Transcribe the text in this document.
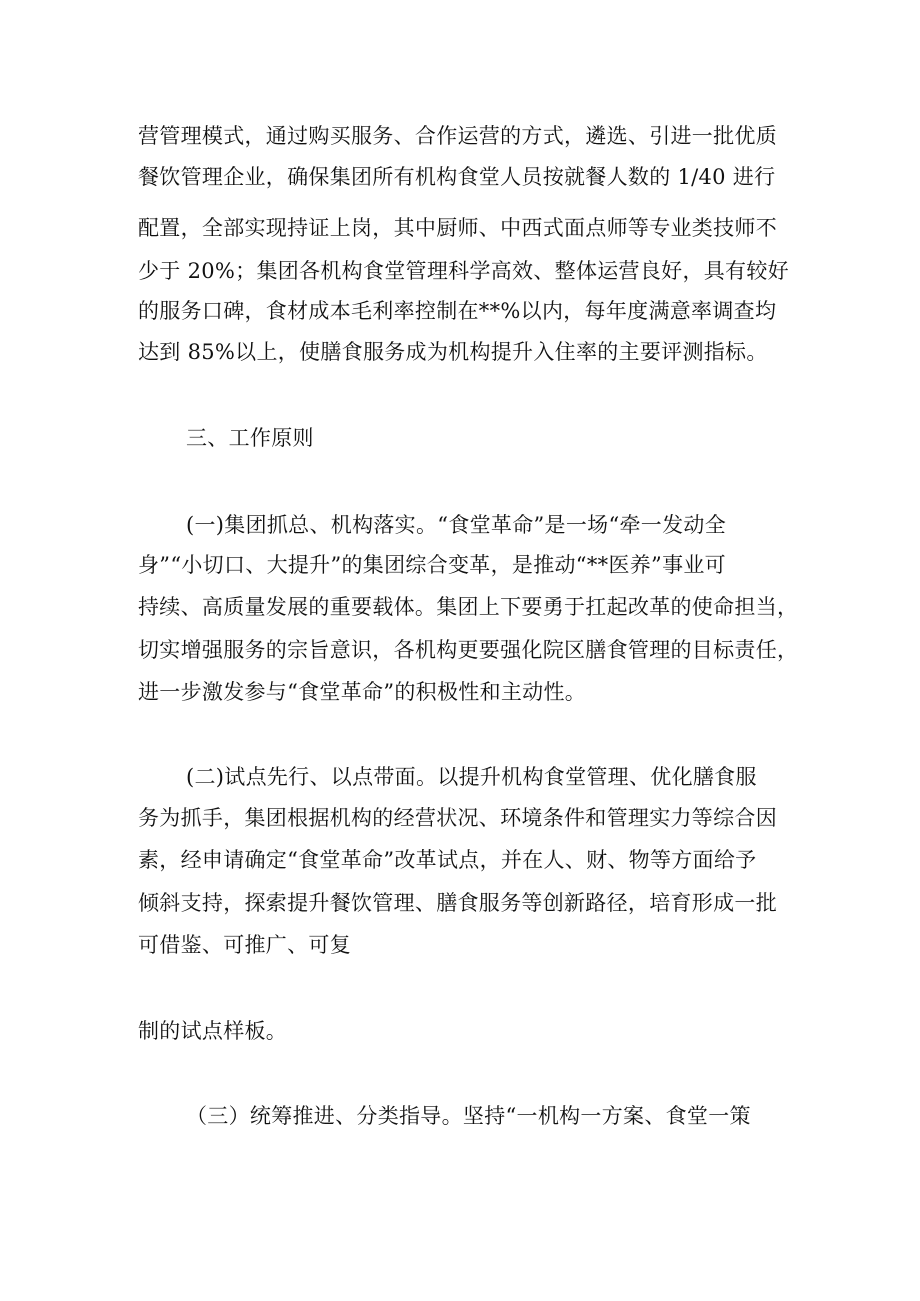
营管理模式，通过购买服务、合作运营的方式，遴选、引进一批优质
餐饮管理企业，确保集团所有机构食堂人员按就餐人数的 1/40 进行
配置，全部实现持证上岗，其中厨师、中西式面点师等专业类技师不
少于 20%；集团各机构食堂管理科学高效、整体运营良好，具有较好
的服务口碑，食材成本毛利率控制在**%以内，每年度满意率调查均
达到 85%以上，使膳食服务成为机构提升入住率的主要评测指标。
三、工作原则
(一)集团抓总、机构落实。“食堂革命”是一场“牵一发动全
身”“小切口、大提升”的集团综合变革，是推动“**医养”事业可
持续、高质量发展的重要载体。集团上下要勇于扛起改革的使命担当，
切实增强服务的宗旨意识，各机构更要强化院区膳食管理的目标责任，
进一步激发参与“食堂革命”的积极性和主动性。
(二)试点先行、以点带面。以提升机构食堂管理、优化膳食服
务为抓手，集团根据机构的经营状况、环境条件和管理实力等综合因
素，经申请确定“食堂革命”改革试点，并在人、财、物等方面给予
倾斜支持，探索提升餐饮管理、膳食服务等创新路径，培育形成一批
可借鉴、可推广、可复
制的试点样板。
（三）统筹推进、分类指导。坚持“一机构一方案、食堂一策
